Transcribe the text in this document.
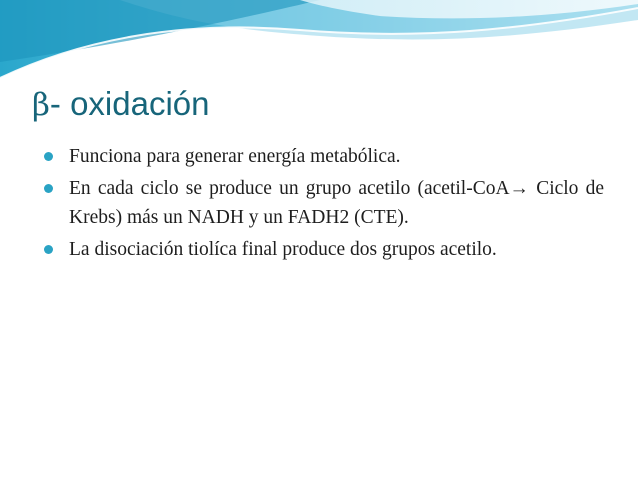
β- oxidación
Funciona para generar energía metabólica.
En cada ciclo se produce un grupo acetilo (acetil-CoA→ Ciclo de Krebs) más un NADH y un FADH2 (CTE).
La disociación tiolíca final produce dos grupos acetilo.
